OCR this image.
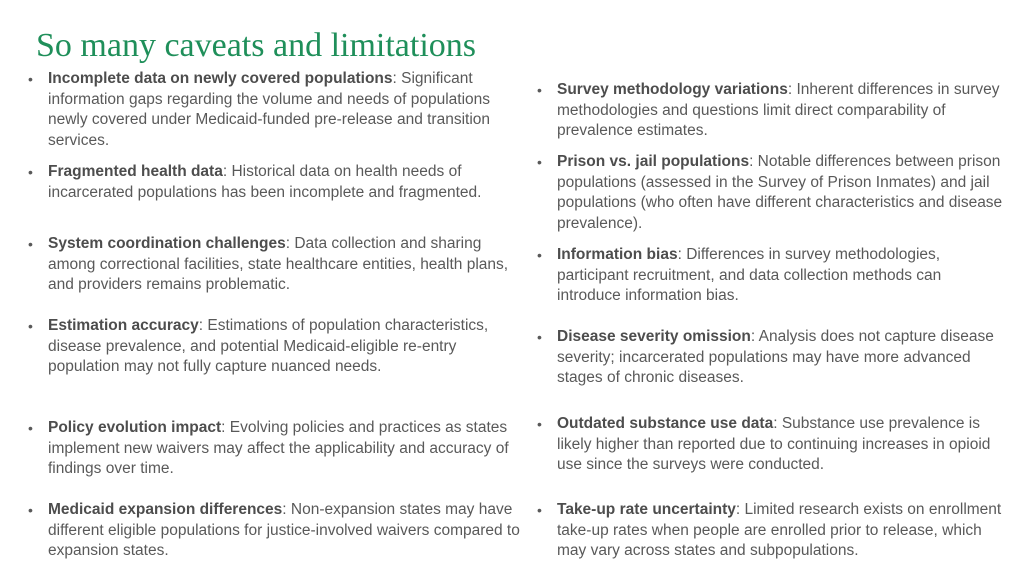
So many caveats and limitations
• Incomplete data on newly covered populations: Significant information gaps regarding the volume and needs of populations newly covered under Medicaid-funded pre-release and transition services.
• Fragmented health data: Historical data on health needs of incarcerated populations has been incomplete and fragmented.
• System coordination challenges: Data collection and sharing among correctional facilities, state healthcare entities, health plans, and providers remains problematic.
• Estimation accuracy: Estimations of population characteristics, disease prevalence, and potential Medicaid-eligible re-entry population may not fully capture nuanced needs.
• Policy evolution impact: Evolving policies and practices as states implement new waivers may affect the applicability and accuracy of findings over time.
• Medicaid expansion differences: Non-expansion states may have different eligible populations for justice-involved waivers compared to expansion states.
• Survey methodology variations: Inherent differences in survey methodologies and questions limit direct comparability of prevalence estimates.
• Prison vs. jail populations: Notable differences between prison populations (assessed in the Survey of Prison Inmates) and jail populations (who often have different characteristics and disease prevalence).
• Information bias: Differences in survey methodologies, participant recruitment, and data collection methods can introduce information bias.
• Disease severity omission: Analysis does not capture disease severity; incarcerated populations may have more advanced stages of chronic diseases.
• Outdated substance use data: Substance use prevalence is likely higher than reported due to continuing increases in opioid use since the surveys were conducted.
• Take-up rate uncertainty: Limited research exists on enrollment take-up rates when people are enrolled prior to release, which may vary across states and subpopulations.
